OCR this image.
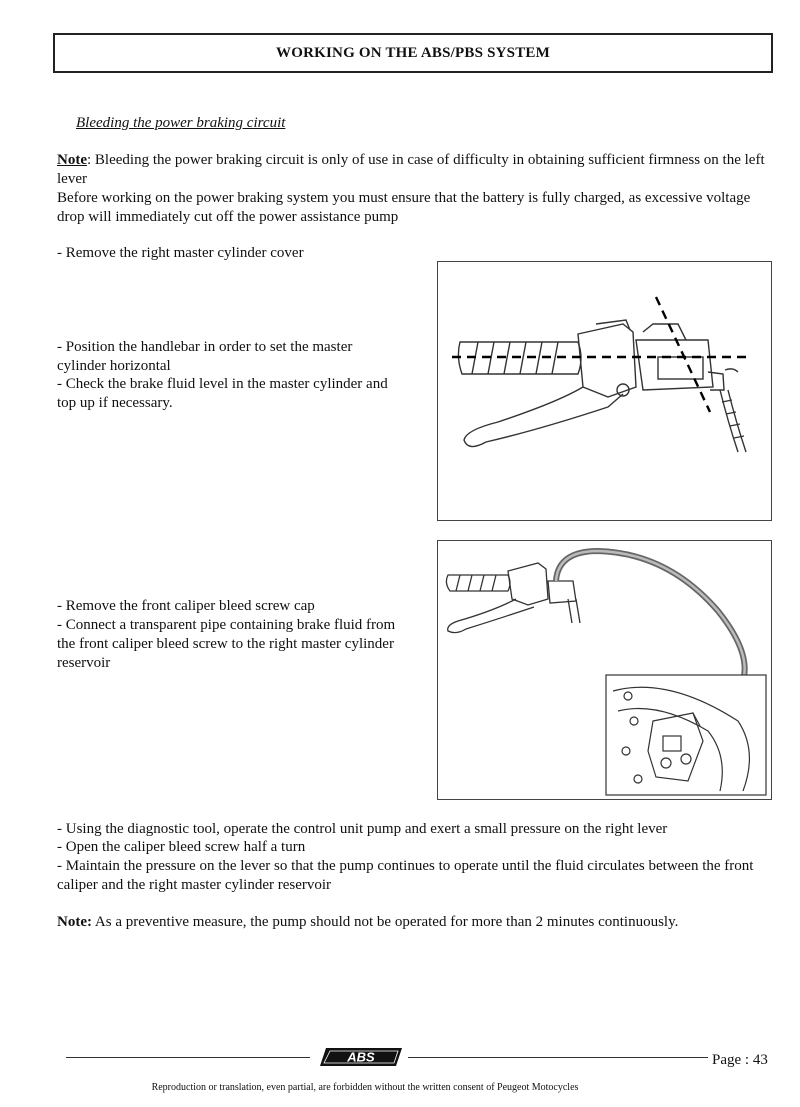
WORKING ON THE ABS/PBS SYSTEM
Bleeding the power braking circuit
Note: Bleeding the power braking circuit is only of use in case of difficulty in obtaining sufficient firmness on the left lever
Before working on the power braking system you must ensure that the battery is fully charged, as excessive voltage drop will immediately cut off the power assistance pump
- Remove the right master cylinder cover
- Position the handlebar in order to set the master cylinder horizontal
- Check the brake fluid level in the master cylinder and top up if necessary.
- Remove the front caliper bleed screw cap
- Connect a transparent pipe containing brake fluid from the front caliper bleed screw to the right master cylinder reservoir
- Using the diagnostic tool, operate the control unit pump and exert a small pressure on the right lever
- Open the caliper bleed screw half a turn
- Maintain the pressure on the lever so that the pump continues to operate until the fluid circulates between the front caliper and the right master cylinder reservoir
Note: As a preventive measure, the pump should not be operated for more than 2 minutes continuously.
ABS	Page : 43
Reproduction or translation, even partial, are forbidden without the written consent of Peugeot Motocycles
